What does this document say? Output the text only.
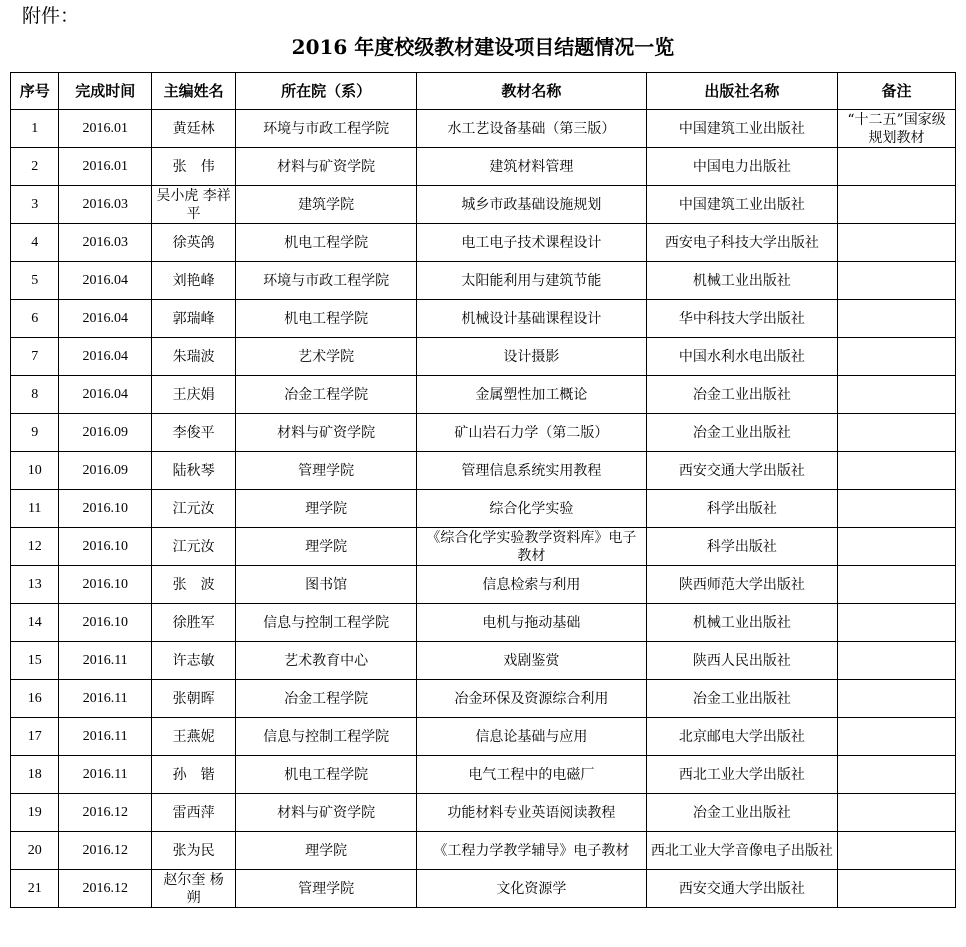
附件：
2016 年度校级教材建设项目结题情况一览
序号	完成时间	主编姓名	所在院（系）	教材名称	出版社名称	备注
1	2016.01	黄廷林	环境与市政工程学院	水工艺设备基础（第三版）	中国建筑工业出版社	“十二五”国家级规划教材
2	2016.01	张　伟	材料与矿资学院	建筑材料管理	中国电力出版社	
3	2016.03	吴小虎 李祥平	建筑学院	城乡市政基础设施规划	中国建筑工业出版社	
4	2016.03	徐英鸽	机电工程学院	电工电子技术课程设计	西安电子科技大学出版社	
5	2016.04	刘艳峰	环境与市政工程学院	太阳能利用与建筑节能	机械工业出版社	
6	2016.04	郭瑞峰	机电工程学院	机械设计基础课程设计	华中科技大学出版社	
7	2016.04	朱瑞波	艺术学院	设计摄影	中国水利水电出版社	
8	2016.04	王庆娟	冶金工程学院	金属塑性加工概论	冶金工业出版社	
9	2016.09	李俊平	材料与矿资学院	矿山岩石力学（第二版）	冶金工业出版社	
10	2016.09	陆秋琴	管理学院	管理信息系统实用教程	西安交通大学出版社	
11	2016.10	江元汝	理学院	综合化学实验	科学出版社	
12	2016.10	江元汝	理学院	《综合化学实验教学资料库》电子教材	科学出版社	
13	2016.10	张　波	图书馆	信息检索与利用	陕西师范大学出版社	
14	2016.10	徐胜军	信息与控制工程学院	电机与拖动基础	机械工业出版社	
15	2016.11	许志敏	艺术教育中心	戏剧鉴赏	陕西人民出版社	
16	2016.11	张朝晖	冶金工程学院	冶金环保及资源综合利用	冶金工业出版社	
17	2016.11	王燕妮	信息与控制工程学院	信息论基础与应用	北京邮电大学出版社	
18	2016.11	孙　锴	机电工程学院	电气工程中的电磁厂	西北工业大学出版社	
19	2016.12	雷西萍	材料与矿资学院	功能材料专业英语阅读教程	冶金工业出版社	
20	2016.12	张为民	理学院	《工程力学教学辅导》电子教材	西北工业大学音像电子出版社	
21	2016.12	赵尔奎 杨　朔	管理学院	文化资源学	西安交通大学出版社	
